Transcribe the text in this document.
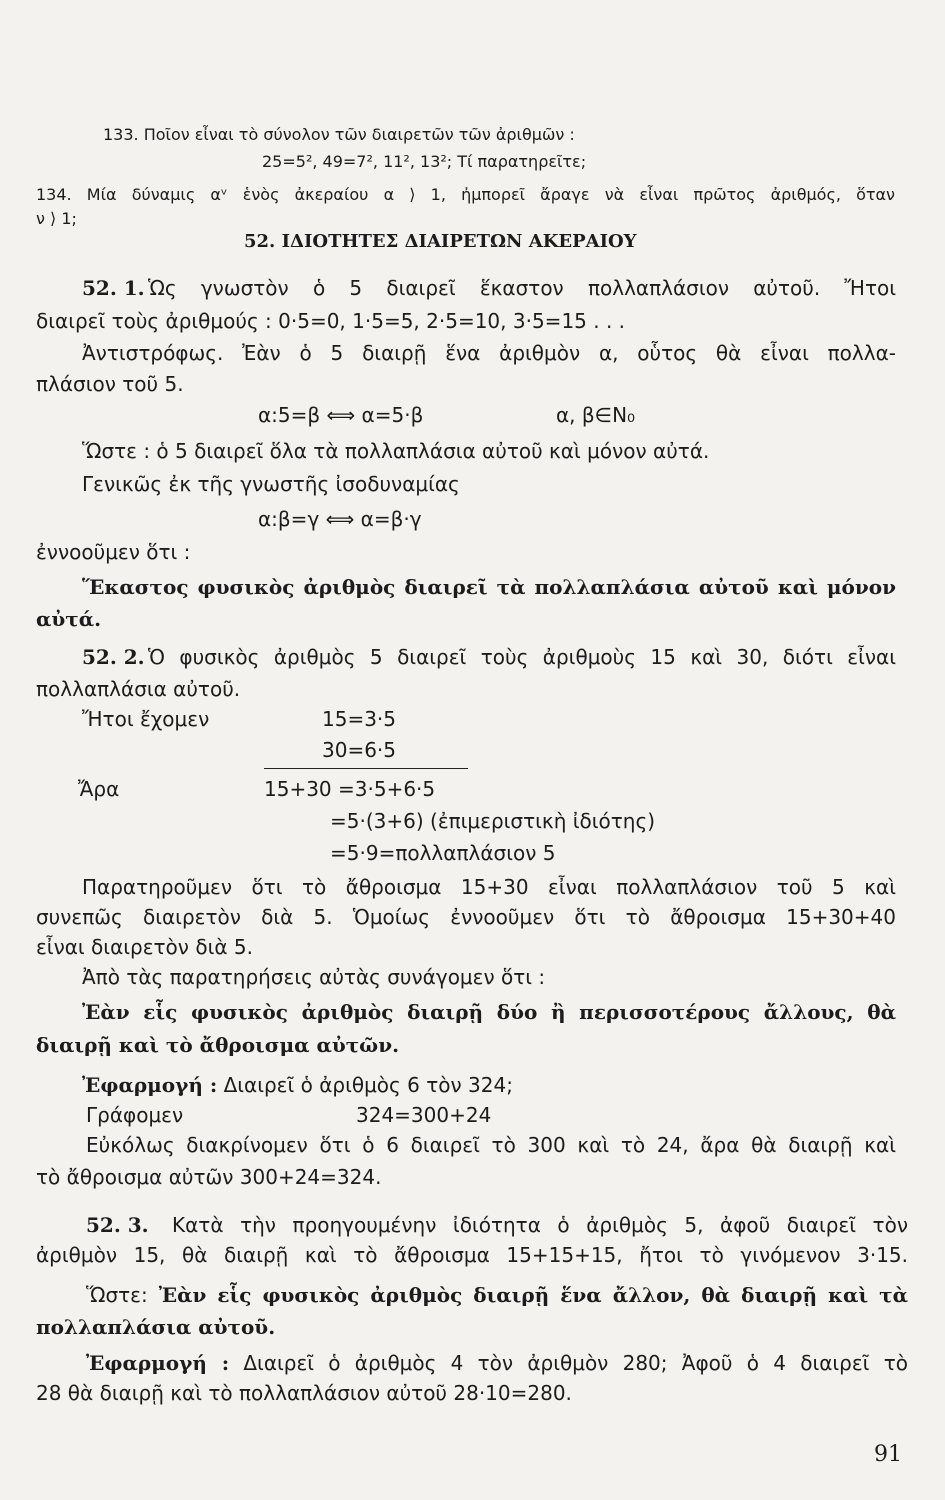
133. Ποῖον εἶναι τὸ σύνολον τῶν διαιρετῶν τῶν ἀριθμῶν :
25=5², 49=7², 11², 13²; Τί παρατηρεῖτε;
134. Μία δύναμις αᵛ ἑνὸς ἀκεραίου α ⟩ 1, ἠμπορεῖ ἄραγε νὰ εἶναι πρῶτος ἀριθμός, ὅταν
ν ⟩ 1;
52. ΙΔΙΟΤΗΤΕΣ ΔΙΑΙΡΕΤΩΝ ΑΚΕΡΑΙΟΥ
52. 1. Ὡς γνωστὸν ὁ 5 διαιρεῖ ἕκαστον πολλαπλάσιον αὐτοῦ. Ἤτοι
διαιρεῖ τοὺς ἀριθμούς : 0·5=0, 1·5=5, 2·5=10, 3·5=15 . . .
Ἀντιστρόφως. Ἐὰν ὁ 5 διαιρῇ ἕνα ἀριθμὸν α, οὗτος θὰ εἶναι πολλα-
πλάσιον τοῦ 5.
α:5=β ⟺ α=5·β	α, β∈N₀
Ὥστε : ὁ 5 διαιρεῖ ὅλα τὰ πολλαπλάσια αὐτοῦ καὶ μόνον αὐτά.
Γενικῶς ἐκ τῆς γνωστῆς ἰσοδυναμίας
α:β=γ ⟺ α=β·γ
ἐννοοῦμεν ὅτι :
Ἕκαστος φυσικὸς ἀριθμὸς διαιρεῖ τὰ πολλαπλάσια αὐτοῦ καὶ μόνον
αὐτά.
52. 2. Ὁ φυσικὸς ἀριθμὸς 5 διαιρεῖ τοὺς ἀριθμοὺς 15 καὶ 30, διότι εἶναι
πολλαπλάσια αὐτοῦ.
Ἤτοι ἔχομεν	15=3·5
30=6·5
Ἄρα	15+30 =3·5+6·5
=5·(3+6) (ἐπιμεριστικὴ ἰδιότης)
=5·9=πολλαπλάσιον 5
Παρατηροῦμεν ὅτι τὸ ἄθροισμα 15+30 εἶναι πολλαπλάσιον τοῦ 5 καὶ
συνεπῶς διαιρετὸν διὰ 5. Ὁμοίως ἐννοοῦμεν ὅτι τὸ ἄθροισμα 15+30+40
εἶναι διαιρετὸν διὰ 5.
Ἀπὸ τὰς παρατηρήσεις αὐτὰς συνάγομεν ὅτι :
Ἐὰν εἷς φυσικὸς ἀριθμὸς διαιρῇ δύο ἢ περισσοτέρους ἄλλους, θὰ
διαιρῇ καὶ τὸ ἄθροισμα αὐτῶν.
Ἐφαρμογή : Διαιρεῖ ὁ ἀριθμὸς 6 τὸν 324;
Γράφομεν	324=300+24
Εὐκόλως διακρίνομεν ὅτι ὁ 6 διαιρεῖ τὸ 300 καὶ τὸ 24, ἄρα θὰ διαιρῇ καὶ
τὸ ἄθροισμα αὐτῶν 300+24=324.
52. 3. Κατὰ τὴν προηγουμένην ἰδιότητα ὁ ἀριθμὸς 5, ἀφοῦ διαιρεῖ τὸν
ἀριθμὸν 15, θὰ διαιρῇ καὶ τὸ ἄθροισμα 15+15+15, ἤτοι τὸ γινόμενον 3·15.
Ὥστε: Ἐὰν εἷς φυσικὸς ἀριθμὸς διαιρῇ ἕνα ἄλλον, θὰ διαιρῇ καὶ τὰ
πολλαπλάσια αὐτοῦ.
Ἐφαρμογή : Διαιρεῖ ὁ ἀριθμὸς 4 τὸν ἀριθμὸν 280; Ἀφοῦ ὁ 4 διαιρεῖ τὸ
28 θὰ διαιρῇ καὶ τὸ πολλαπλάσιον αὐτοῦ 28·10=280.
91
